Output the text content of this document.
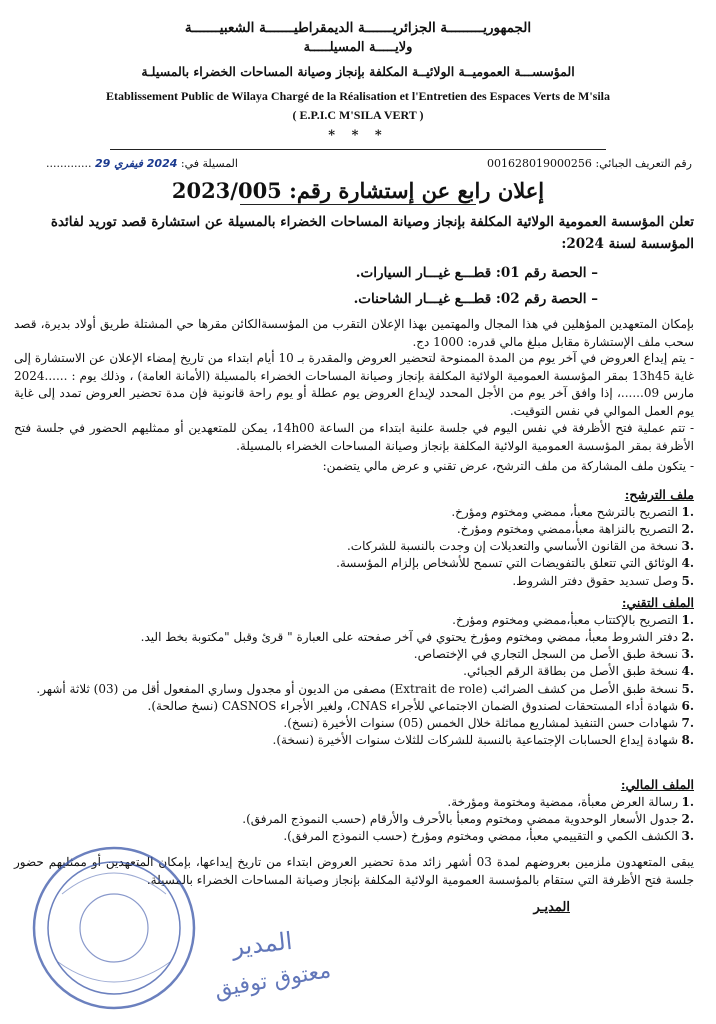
الجمهوريـــــــــة الجزائريـــــــة الديمقراطيـــــــة الشعبيـــــــة
ولايـــــة المسيلـــــة
المؤسســـة العموميــة الولائيــة المكلفة بإنجاز وصيانة المساحات الخضراء بالمسيلـة
Etablissement Public de Wilaya Chargé de la Réalisation et l'Entretien des Espaces Verts de M'sila
( E.P.I.C M'SILA VERT )
* * *
رقم التعريف الجبائي: 001628019000256
المسيلة في: 2024 فيفري 29 .............
إعلان رابع عن إستشارة رقم: 2023/005
تعلن المؤسسة العمومية الولائية المكلفة بإنجاز وصيانة المساحات الخضراء بالمسيلة عن استشارة قصد توريد لفائدة المؤسسة لسنة 2024:
– الحصة رقم 01: قطـــع غيـــار السيارات.
– الحصة رقم 02: قطـــع غيـــار الشاحنات.
بإمكان المتعهدين المؤهلين في هذا المجال والمهتمين بهذا الإعلان التقرب من المؤسسةالكائن مقرها حي المشتلة طريق أولاد بديرة، قصد سحب ملف الإستشارة مقابل مبلغ مالي قدره: 1000 دج.
- يتم إيداع العروض في آخر يوم من المدة الممنوحة لتحضير العروض والمقدرة بـ 10 أيام ابتداء من تاريخ إمضاء الإعلان عن الاستشارة إلى غاية 13h45 بمقر المؤسسة العمومية الولائية المكلفة بإنجاز وصيانة المساحات الخضراء بالمسيلة (الأمانة العامة) ، وذلك يوم : ......2024 مارس 09......، إذا وافق آخر يوم من الأجل المحدد لإيداع العروض يوم عطلة أو يوم راحة قانونية فإن مدة تحضير العروض تمدد إلى غاية يوم العمل الموالي في نفس التوقيت.
- تتم عملية فتح الأظرفة في نفس اليوم في جلسة علنية ابتداء من الساعة 14h00، يمكن للمتعهدين أو ممثليهم الحضور في جلسة فتح الأظرفة بمقر المؤسسة العمومية الولائية المكلفة بإنجاز وصيانة المساحات الخضراء بالمسيلة.
- يتكون ملف المشاركة من ملف الترشح، عرض تقني و عرض مالي يتضمن:
ملف الترشح:
.1
التصريح بالترشح معبأ، ممضي ومختوم ومؤرخ.
.2
التصريح بالنزاهة معبأ،ممضي ومختوم ومؤرخ.
.3
نسخة من القانون الأساسي والتعديلات إن وجدت بالنسبة للشركات.
.4
الوثائق التي تتعلق بالتفويضات التي تسمح للأشخاص بإلزام المؤسسة.
.5
وصل تسديد حقوق دفتر الشروط.
الملف التقني:
.1
التصريح بالإكتتاب معبأ،ممضي ومختوم ومؤرخ.
.2
دفتر الشروط معبأ، ممضي ومختوم ومؤرخ يحتوي في آخر صفحته على العبارة " قرئ وقبل "مكتوبة بخط اليد.
.3
نسخة طبق الأصل من السجل التجاري في الإختصاص.
.4
نسخة طبق الأصل من بطاقة الرقم الجبائي.
.5
نسخة طبق الأصل من كشف الضرائب (Extrait de role) مصفى من الديون أو مجدول وساري المفعول أقل من (03) ثلاثة أشهر.
.6
شهادة أداء المستحقات لصندوق الضمان الاجتماعي للأجراء CNAS، ولغير الأجراء CASNOS (نسخ صالحة).
.7
شهادات حسن التنفيذ لمشاريع مماثلة خلال الخمس (05) سنوات الأخيرة (نسخ).
.8
شهادة إيداع الحسابات الإجتماعية بالنسبة للشركات للثلاث سنوات الأخيرة (نسخة).
الملف المالي:
.1
رسالة العرض معبأة، ممضية ومختومة ومؤرخة.
.2
جدول الأسعار الوحدوية ممضي ومختوم ومعبأ بالأحرف والأرقام (حسب النموذج المرفق).
.3
الكشف الكمي و التقييمي معبأ، ممضي ومختوم ومؤرخ (حسب النموذج المرفق).
يبقى المتعهدون ملزمين بعروضهم لمدة 03 أشهر زائد مدة تحضير العروض ابتداء من تاريخ إيداعها، بإمكان المتعهدين أو ممثليهم حضور جلسة فتح الأظرفة التي ستقام بالمؤسسة العمومية الولائية المكلفة بإنجاز وصيانة المساحات الخضراء بالمسيلة.
المديـر
المدير
معتوق توفيق
